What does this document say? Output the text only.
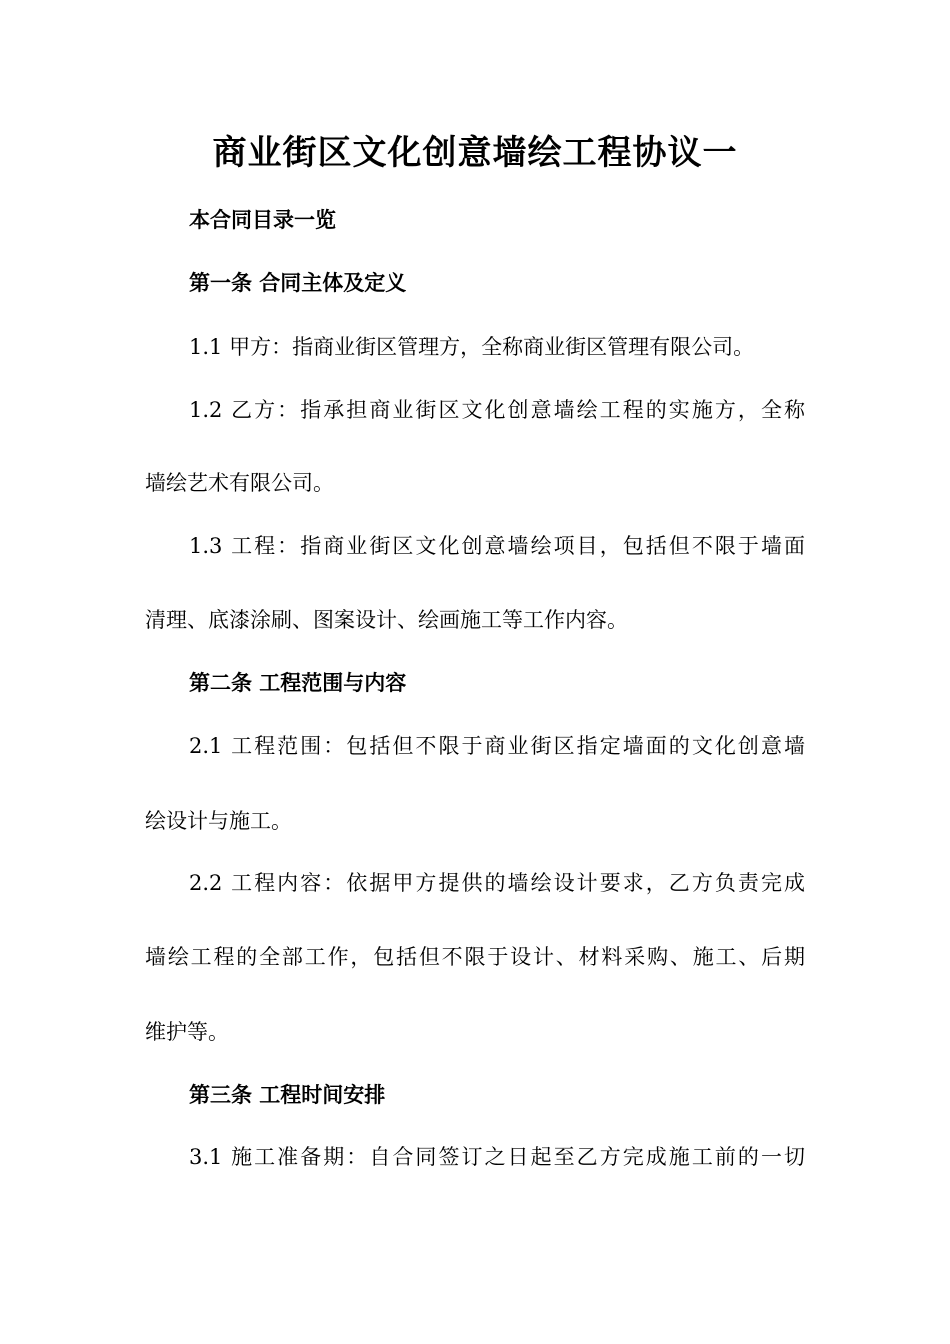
商业街区文化创意墙绘工程协议一
本合同目录一览
第一条 合同主体及定义
1.1 甲方：指商业街区管理方，全称商业街区管理有限公司。
1.2 乙方：指承担商业街区文化创意墙绘工程的实施方，全称
墙绘艺术有限公司。
1.3 工程：指商业街区文化创意墙绘项目，包括但不限于墙面
清理、底漆涂刷、图案设计、绘画施工等工作内容。
第二条 工程范围与内容
2.1 工程范围：包括但不限于商业街区指定墙面的文化创意墙
绘设计与施工。
2.2 工程内容：依据甲方提供的墙绘设计要求，乙方负责完成
墙绘工程的全部工作，包括但不限于设计、材料采购、施工、后期
维护等。
第三条 工程时间安排
3.1 施工准备期：自合同签订之日起至乙方完成施工前的一切
